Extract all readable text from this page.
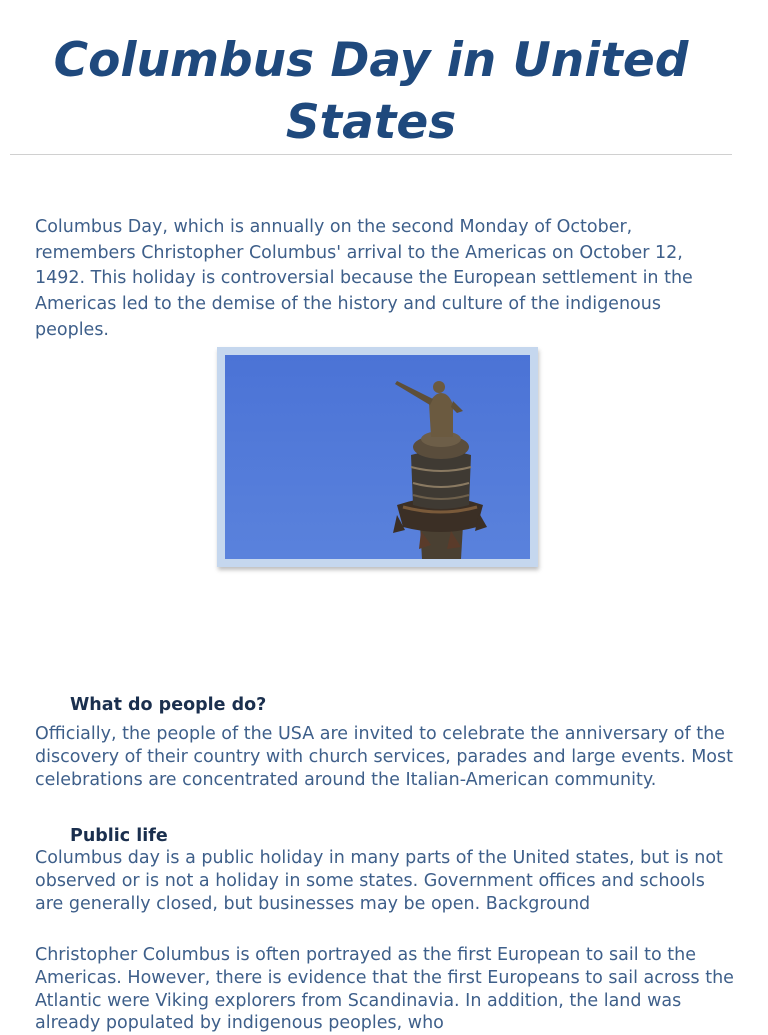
Columbus Day in United States

Columbus Day, which is annually on the second Monday of October, remembers Christopher Columbus' arrival to the Americas on October 12, 1492. This holiday is controversial because the European settlement in the Americas led to the demise of the history and culture of the indigenous peoples.

What do people do?

Officially, the people of the USA are invited to celebrate the anniversary of the discovery of their country with church services, parades and large events. Most celebrations are concentrated around the Italian-American community.

Public life

Columbus day is a public holiday in many parts of the United states, but is not observed or is not a holiday in some states. Government offices and schools are generally closed, but businesses may be open. Background

Christopher Columbus is often portrayed as the first European to sail to the Americas. However, there is evidence that the first Europeans to sail across the Atlantic were Viking explorers from Scandinavia. In addition, the land was already populated by indigenous peoples, who
